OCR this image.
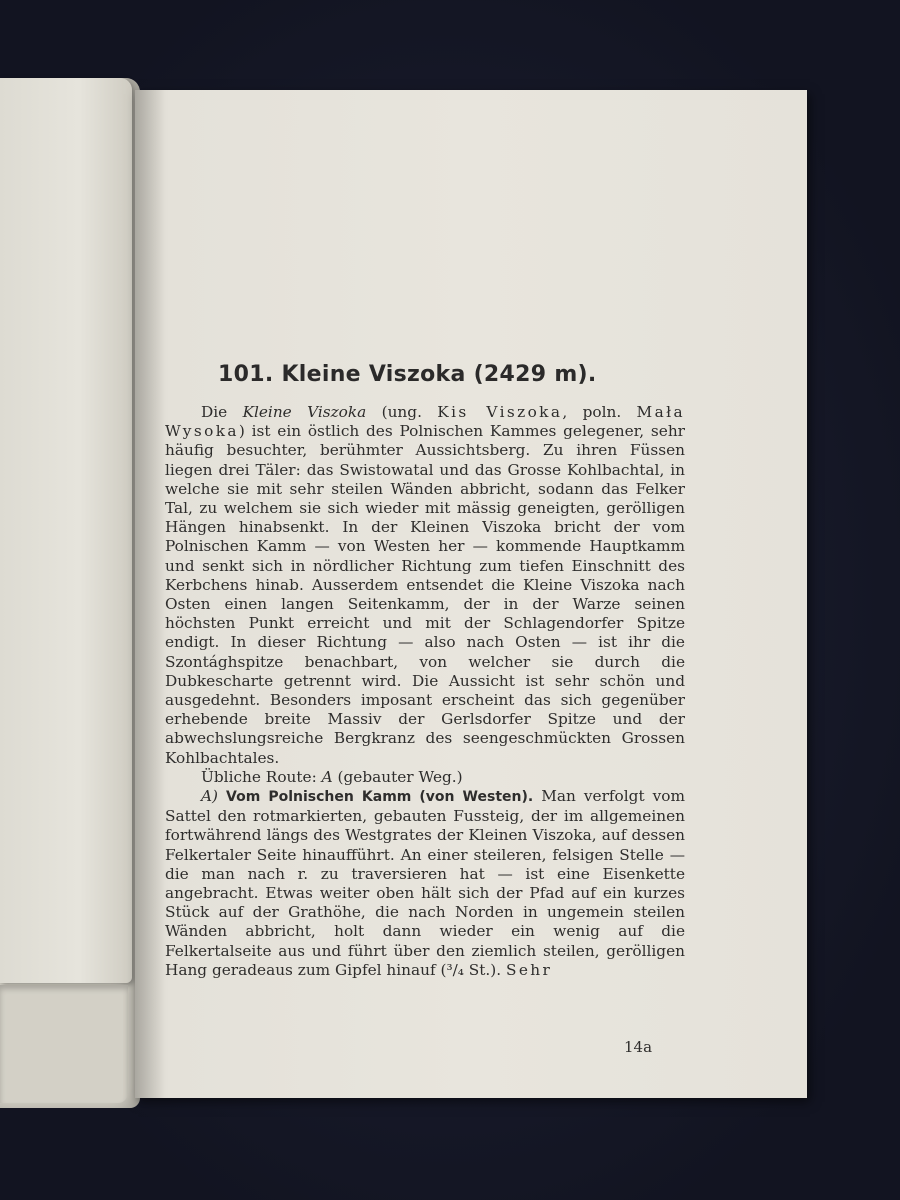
101. Kleine Viszoka (2429 m).

Die Kleine Viszoka (ung. Kis Viszoka, poln. Mała Wysoka) ist ein östlich des Polnischen Kammes gelegener, sehr häufig besuchter, berühmter Aussichtsberg. Zu ihren Füssen liegen drei Täler: das Swistowatal und das Grosse Kohlbachtal, in welche sie mit sehr steilen Wänden abbricht, sodann das Felker Tal, zu welchem sie sich wieder mit mässig geneigten, gerölligen Hängen hinabsenkt. In der Kleinen Viszoka bricht der vom Polnischen Kamm — von Westen her — kommende Hauptkamm und senkt sich in nördlicher Richtung zum tiefen Einschnitt des Kerbchens hinab. Ausserdem entsendet die Kleine Viszoka nach Osten einen langen Seitenkamm, der in der Warze seinen höchsten Punkt erreicht und mit der Schlagendorfer Spitze endigt. In dieser Richtung — also nach Osten — ist ihr die Szontághspitze benachbart, von welcher sie durch die Dubkescharte getrennt wird. Die Aussicht ist sehr schön und ausgedehnt. Besonders imposant erscheint das sich gegenüber erhebende breite Massiv der Gerlsdorfer Spitze und der abwechslungsreiche Bergkranz des seengeschmückten Grossen Kohlbachtales.

Übliche Route: A (gebauter Weg.)

A) Vom Polnischen Kamm (von Westen). Man verfolgt vom Sattel den rotmarkierten, gebauten Fussteig, der im allgemeinen fortwährend längs des Westgrates der Kleinen Viszoka, auf dessen Felkertaler Seite hinaufführt. An einer steileren, felsigen Stelle — die man nach r. zu traversieren hat — ist eine Eisenkette angebracht. Etwas weiter oben hält sich der Pfad auf ein kurzes Stück auf der Grathöhe, die nach Norden in ungemein steilen Wänden abbricht, holt dann wieder ein wenig auf die Felkertalseite aus und führt über den ziemlich steilen, gerölligen Hang geradeaus zum Gipfel hinauf (³/₄ St.). Sehr

14a
